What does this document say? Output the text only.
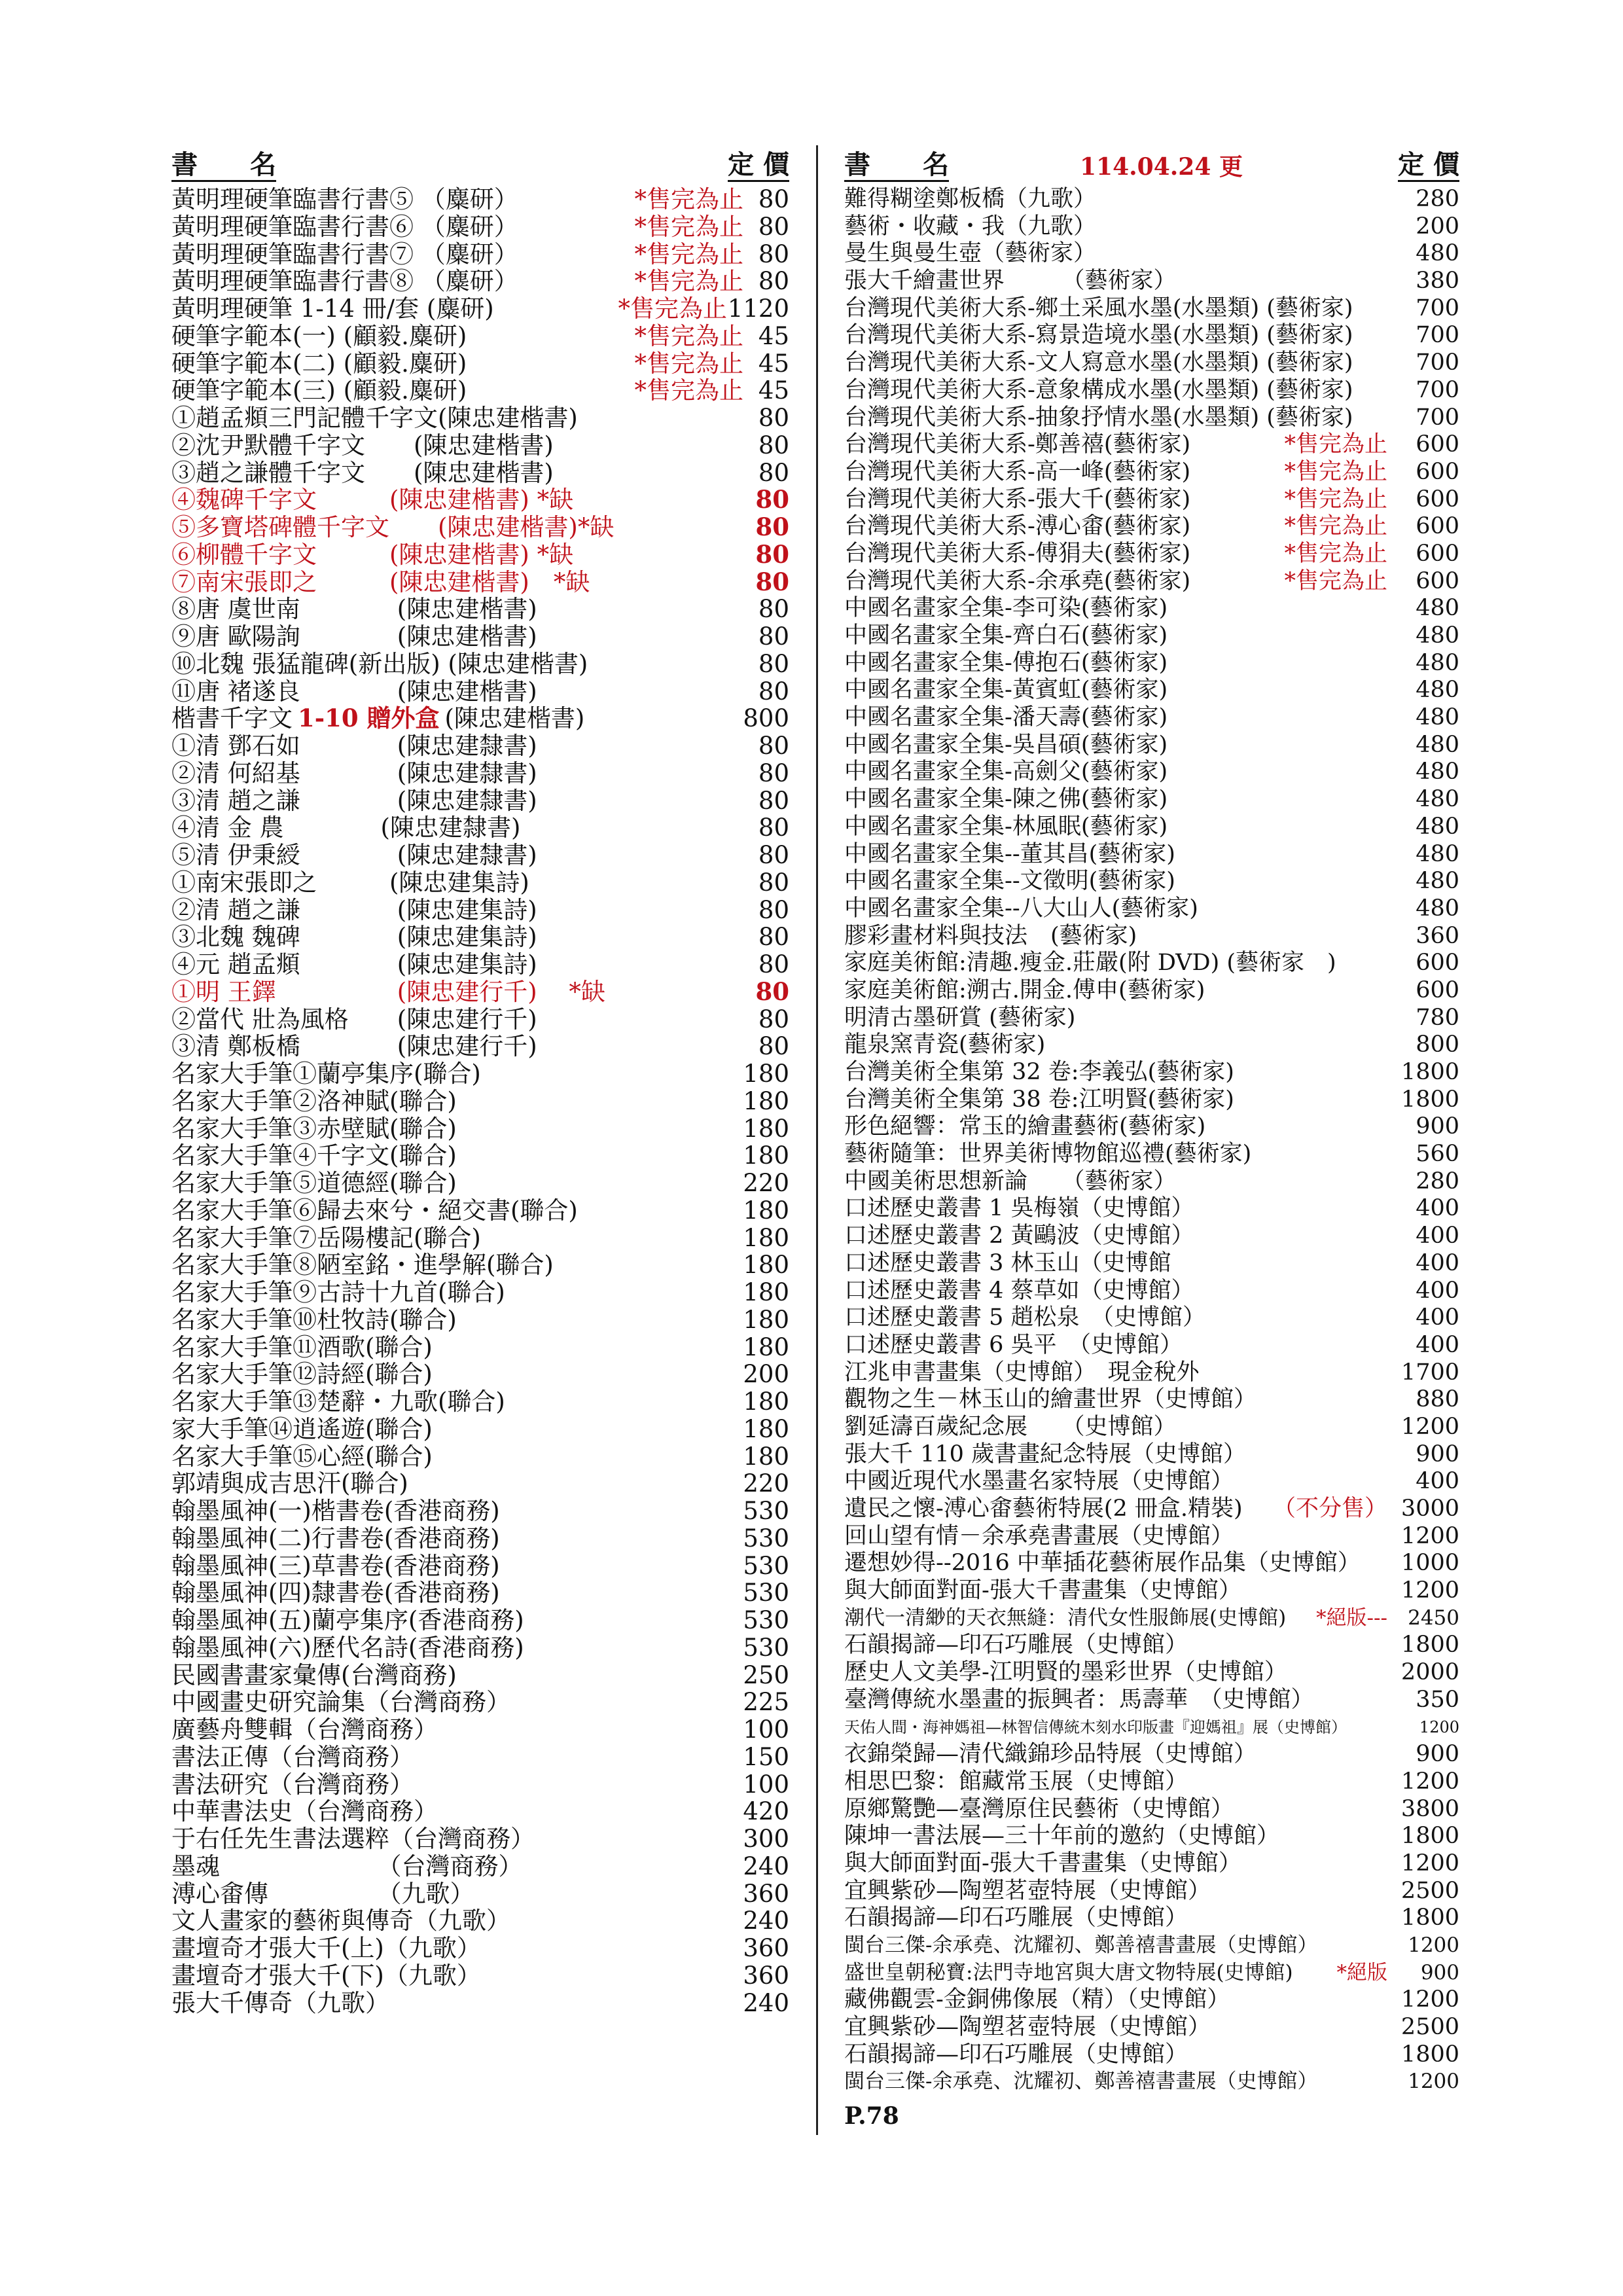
書　　名	定 價
黃明理硬筆臨書行書⑤ （麋研）	*售完為止 80
黃明理硬筆臨書行書⑥ （麋研）	*售完為止 80
黃明理硬筆臨書行書⑦ （麋研）	*售完為止 80
黃明理硬筆臨書行書⑧ （麋研）	*售完為止 80
黃明理硬筆 1-14 冊/套 (麋研)	*售完為止 1120
硬筆字範本(一) (顧毅.麋研)	*售完為止 45
硬筆字範本(二) (顧毅.麋研)	*售完為止 45
硬筆字範本(三) (顧毅.麋研)	*售完為止 45
①趙孟頫三門記體千字文(陳忠建楷書)	80
②沈尹默體千字文　　(陳忠建楷書)	80
③趙之謙體千字文　　(陳忠建楷書)	80
④魏碑千字文　　　(陳忠建楷書) *缺	80
⑤多寶塔碑體千字文　　(陳忠建楷書)*缺	80
⑥柳體千字文　　　(陳忠建楷書) *缺	80
⑦南宋張即之　　　(陳忠建楷書)　*缺	80
⑧唐 虞世南　　　　(陳忠建楷書)	80
⑨唐 歐陽詢　　　　(陳忠建楷書)	80
⑩北魏 張猛龍碑(新出版) (陳忠建楷書)	80
⑪唐 褚遂良　　　　(陳忠建楷書)	80
楷書千字文 1-10 贈外盒 (陳忠建楷書)	800
①清 鄧石如　　　　(陳忠建隸書)	80
②清 何紹基　　　　(陳忠建隸書)	80
③清 趙之謙　　　　(陳忠建隸書)	80
④清 金 農　　　　(陳忠建隸書)	80
⑤清 伊秉綬　　　　(陳忠建隸書)	80
①南宋張即之　　　(陳忠建集詩)	80
②清 趙之謙　　　　(陳忠建集詩)	80
③北魏 魏碑　　　　(陳忠建集詩)	80
④元 趙孟頫　　　　(陳忠建集詩)	80
①明 王鐸　　　　　(陳忠建行千)　 *缺	80
②當代 壯為風格　　(陳忠建行千)	80
③清 鄭板橋　　　　(陳忠建行千)	80
名家大手筆①蘭亭集序(聯合)	180
名家大手筆②洛神賦(聯合)	180
名家大手筆③赤壁賦(聯合)	180
名家大手筆④千字文(聯合)	180
名家大手筆⑤道德經(聯合)	220
名家大手筆⑥歸去來兮・絕交書(聯合)	180
名家大手筆⑦岳陽樓記(聯合)	180
名家大手筆⑧陋室銘・進學解(聯合)	180
名家大手筆⑨古詩十九首(聯合)	180
名家大手筆⑩杜牧詩(聯合)	180
名家大手筆⑪酒歌(聯合)	180
名家大手筆⑫詩經(聯合)	200
名家大手筆⑬楚辭・九歌(聯合)	180
家大手筆⑭逍遙遊(聯合)	180
名家大手筆⑮心經(聯合)	180
郭靖與成吉思汗(聯合)	220
翰墨風神(一)楷書卷(香港商務)	530
翰墨風神(二)行書卷(香港商務)	530
翰墨風神(三)草書卷(香港商務)	530
翰墨風神(四)隸書卷(香港商務)	530
翰墨風神(五)蘭亭集序(香港商務)	530
翰墨風神(六)歷代名詩(香港商務)	530
民國書畫家彙傳(台灣商務)	250
中國畫史研究論集（台灣商務）	225
廣藝舟雙輯（台灣商務）	100
書法正傳（台灣商務）	150
書法研究（台灣商務）	100
中華書法史（台灣商務）	420
于右任先生書法選粹（台灣商務）	300
墨魂　　　　　　　（台灣商務）	240
溥心畬傳　　　　　（九歌）	360
文人畫家的藝術與傳奇（九歌）	240
畫壇奇才張大千(上)（九歌）	360
畫壇奇才張大千(下)（九歌）	360
張大千傳奇（九歌）	240
書　　名	114.04.24 更	定 價
難得糊塗鄭板橋（九歌）	280
藝術・收藏・我（九歌）	200
曼生與曼生壺（藝術家）	480
張大千繪畫世界　　　（藝術家）	380
台灣現代美術大系-鄉土采風水墨(水墨類) (藝術家)	700
台灣現代美術大系-寫景造境水墨(水墨類) (藝術家)	700
台灣現代美術大系-文人寫意水墨(水墨類) (藝術家)	700
台灣現代美術大系-意象構成水墨(水墨類) (藝術家)	700
台灣現代美術大系-抽象抒情水墨(水墨類) (藝術家)	700
台灣現代美術大系-鄭善禧(藝術家)	*售完為止 600
台灣現代美術大系-高一峰(藝術家)	*售完為止 600
台灣現代美術大系-張大千(藝術家)	*售完為止 600
台灣現代美術大系-溥心畬(藝術家)	*售完為止 600
台灣現代美術大系-傅狷夫(藝術家)	*售完為止 600
台灣現代美術大系-余承堯(藝術家)	*售完為止 600
中國名畫家全集-李可染(藝術家)	480
中國名畫家全集-齊白石(藝術家)	480
中國名畫家全集-傅抱石(藝術家)	480
中國名畫家全集-黃賓虹(藝術家)	480
中國名畫家全集-潘天壽(藝術家)	480
中國名畫家全集-吳昌碩(藝術家)	480
中國名畫家全集-高劍父(藝術家)	480
中國名畫家全集-陳之佛(藝術家)	480
中國名畫家全集-林風眠(藝術家)	480
中國名畫家全集--董其昌(藝術家)	480
中國名畫家全集--文徵明(藝術家)	480
中國名畫家全集--八大山人(藝術家)	480
膠彩畫材料與技法　(藝術家)	360
家庭美術館:清趣.瘦金.莊嚴(附 DVD) (藝術家　)	600
家庭美術館:溯古.開金.傅申(藝術家)	600
明清古墨研賞 (藝術家)	780
龍泉窯青瓷(藝術家)	800
台灣美術全集第 32 卷:李義弘(藝術家)	1800
台灣美術全集第 38 卷:江明賢(藝術家)	1800
形色絕響：常玉的繪畫藝術(藝術家)	900
藝術隨筆：世界美術博物館巡禮(藝術家)	560
中國美術思想新論　　（藝術家）	280
口述歷史叢書 1 吳梅嶺（史博館）	400
口述歷史叢書 2 黃鷗波（史博館）	400
口述歷史叢書 3 林玉山（史博館	400
口述歷史叢書 4 蔡草如（史博館）	400
口述歷史叢書 5 趙松泉　（史博館）	400
口述歷史叢書 6 吳平　（史博館）	400
江兆申書畫集（史博館）　現金稅外	1700
觀物之生－林玉山的繪畫世界（史博館）	880
劉延濤百歲紀念展　　（史博館）	1200
張大千 110 歲書畫紀念特展（史博館）	900
中國近現代水墨畫名家特展（史博館）	400
遺民之懷-溥心畬藝術特展(2 冊盒.精裝) （不分售） 3000
回山望有情－余承堯書畫展（史博館）	1200
遷想妙得--2016 中華插花藝術展作品集（史博館） 1000
與大師面對面-張大千書畫集（史博館）	1200
潮代一清緲的天衣無縫：清代女性服飾展(史博館) *絕版--- 2450
石韻揭諦—印石巧雕展（史博館）	1800
歷史人文美學-江明賢的墨彩世界（史博館）	2000
臺灣傳統水墨畫的振興者：馬壽華　（史博館）	350
天佑人間・海神媽祖—林智信傳統木刻水印版畫『迎媽祖』展（史博館）	1200
衣錦榮歸—清代織錦珍品特展（史博館）	900
相思巴黎：館藏常玉展（史博館）	1200
原鄉驚艷—臺灣原住民藝術（史博館）	3800
陳坤一書法展—三十年前的邀約（史博館）	1800
與大師面對面-張大千書畫集（史博館）	1200
宜興紫砂—陶塑茗壺特展（史博館）	2500
石韻揭諦—印石巧雕展（史博館）	1800
閩台三傑-余承堯、沈耀初、鄭善禧書畫展（史博館）	1200
盛世皇朝秘寶:法門寺地宮與大唐文物特展(史博館) *絕版 900
藏佛觀雲-金銅佛像展（精）（史博館）	1200
宜興紫砂—陶塑茗壺特展（史博館）	2500
石韻揭諦—印石巧雕展（史博館）	1800
閩台三傑-余承堯、沈耀初、鄭善禧書畫展（史博館）	1200
P.78
